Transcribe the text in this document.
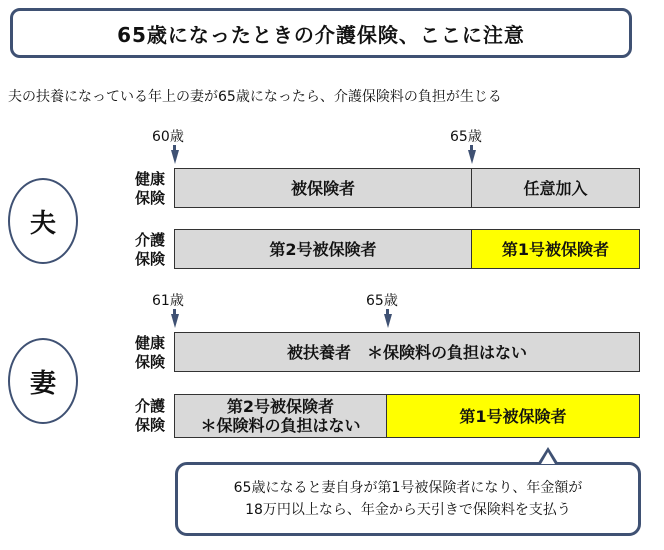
65歳になったときの介護保険、ここに注意
夫の扶養になっている年上の妻が65歳になったら、介護保険料の負担が生じる
夫
60歳	65歳
健康
保険
被保険者	任意加入
介護
保険
第2号被保険者	第1号被保険者
妻
61歳	65歳
健康
保険
被扶養者　＊保険料の負担はない
介護
保険
第2号被保険者
＊保険料の負担はない	第1号被保険者
65歳になると妻自身が第1号被保険者になり、年金額が
18万円以上なら、年金から天引きで保険料を支払う
